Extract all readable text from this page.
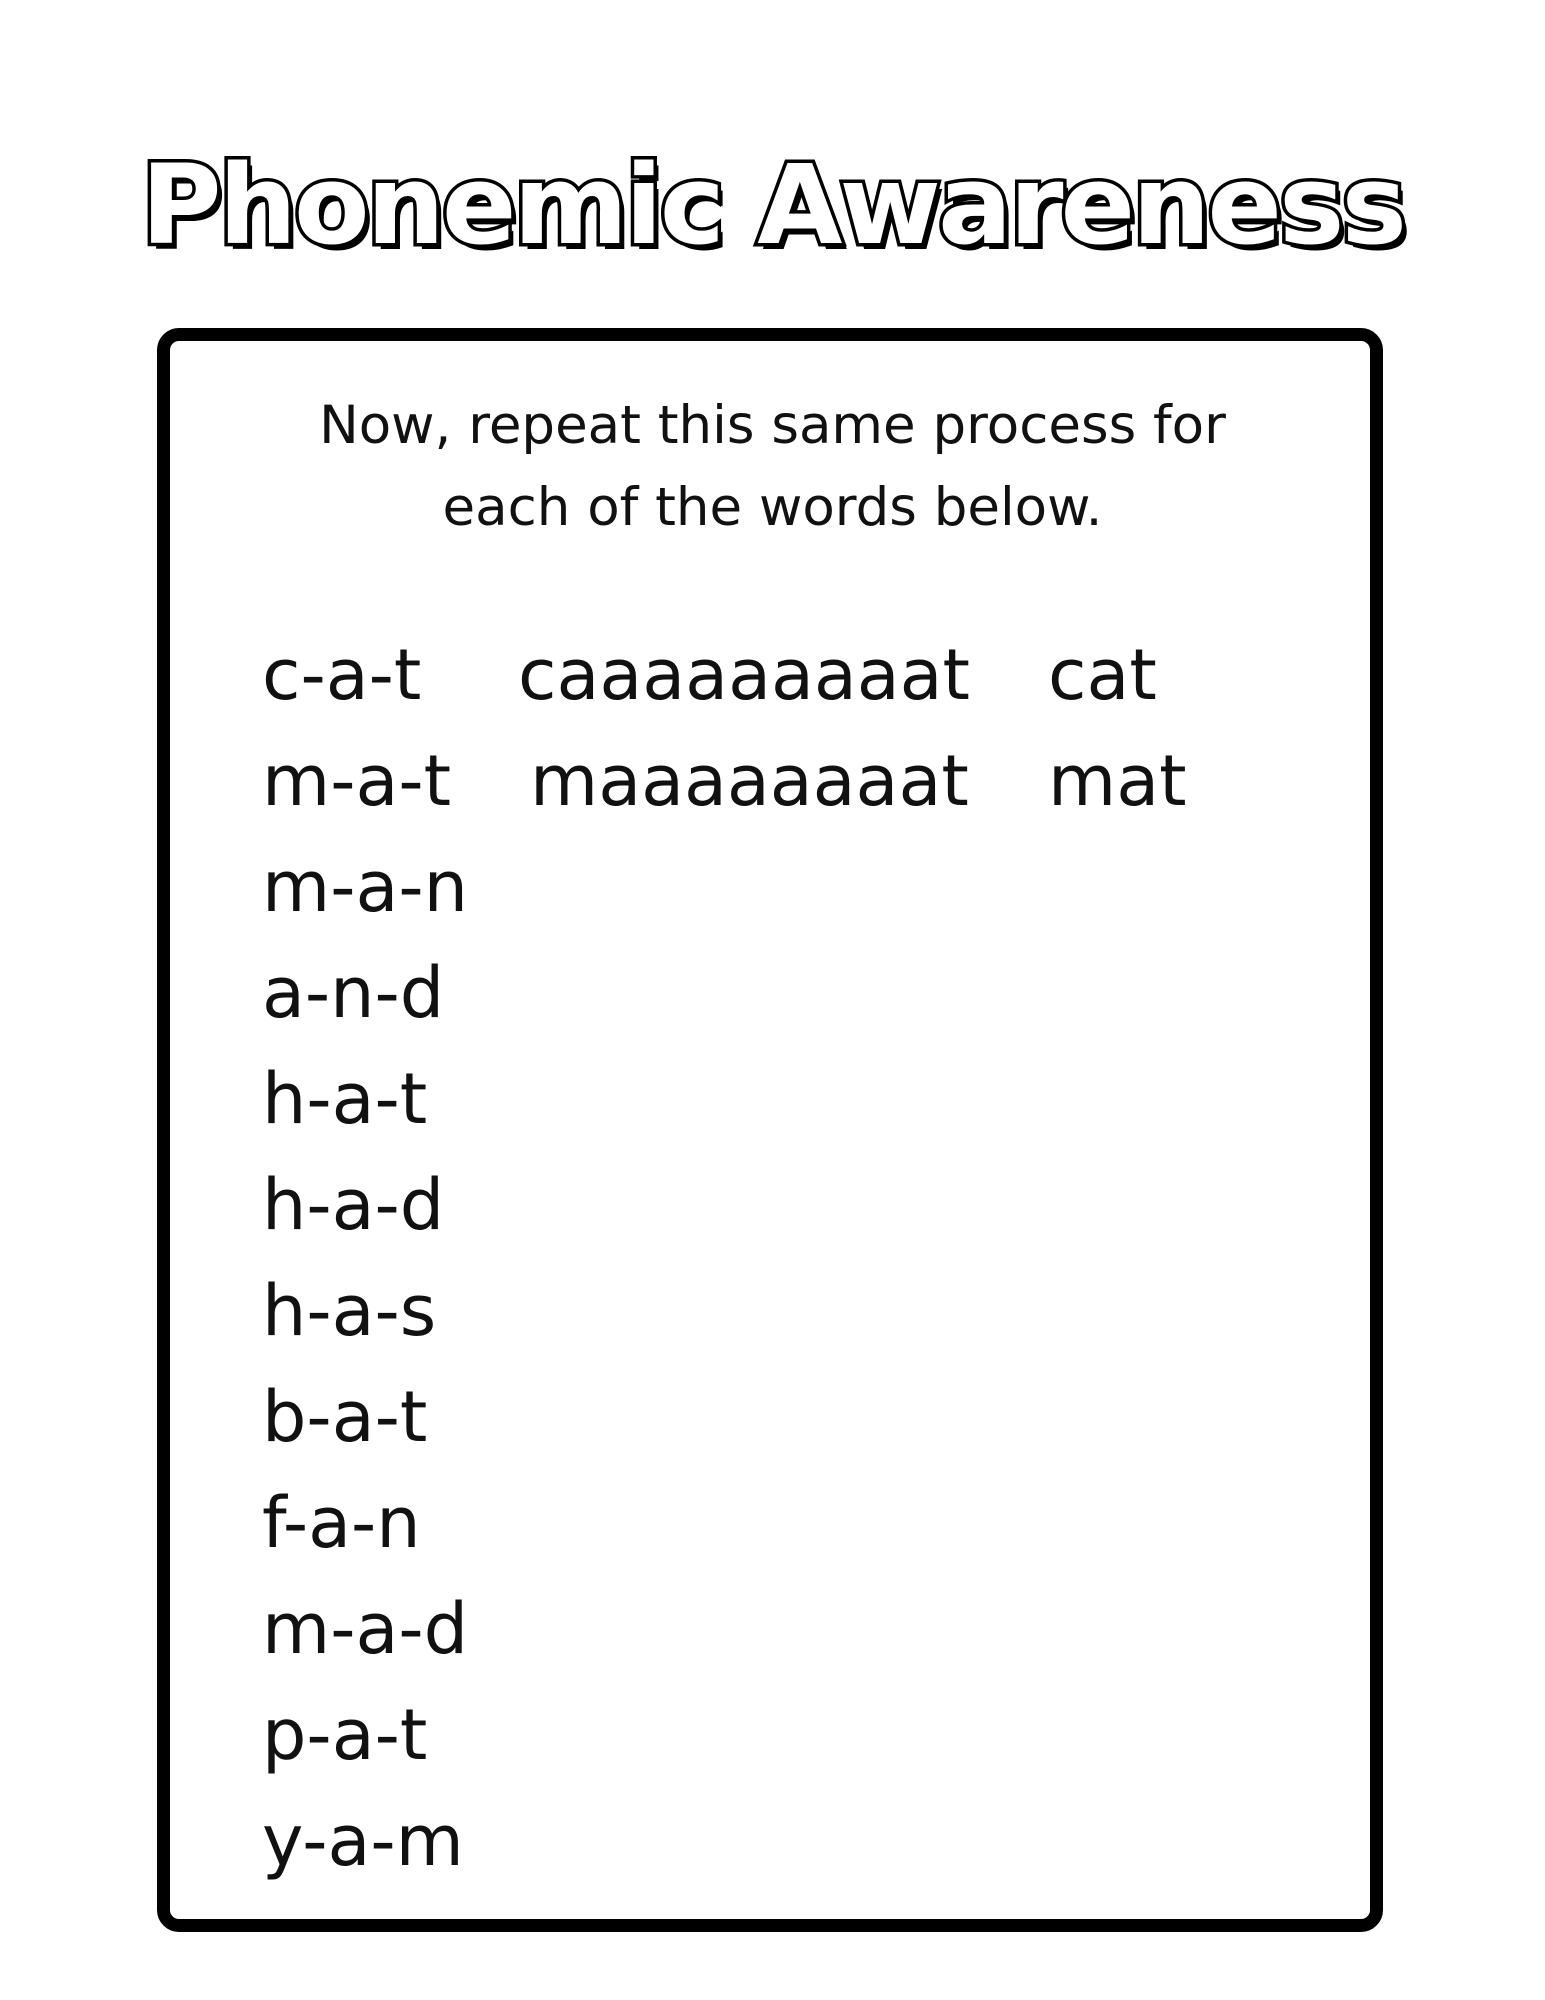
Phonemic Awareness
Now, repeat this same process for
each of the words below.
c-a-t caaaaaaaaat cat
m-a-t maaaaaaaat mat
m-a-n
a-n-d
h-a-t
h-a-d
h-a-s
b-a-t
f-a-n
m-a-d
p-a-t
y-a-m
